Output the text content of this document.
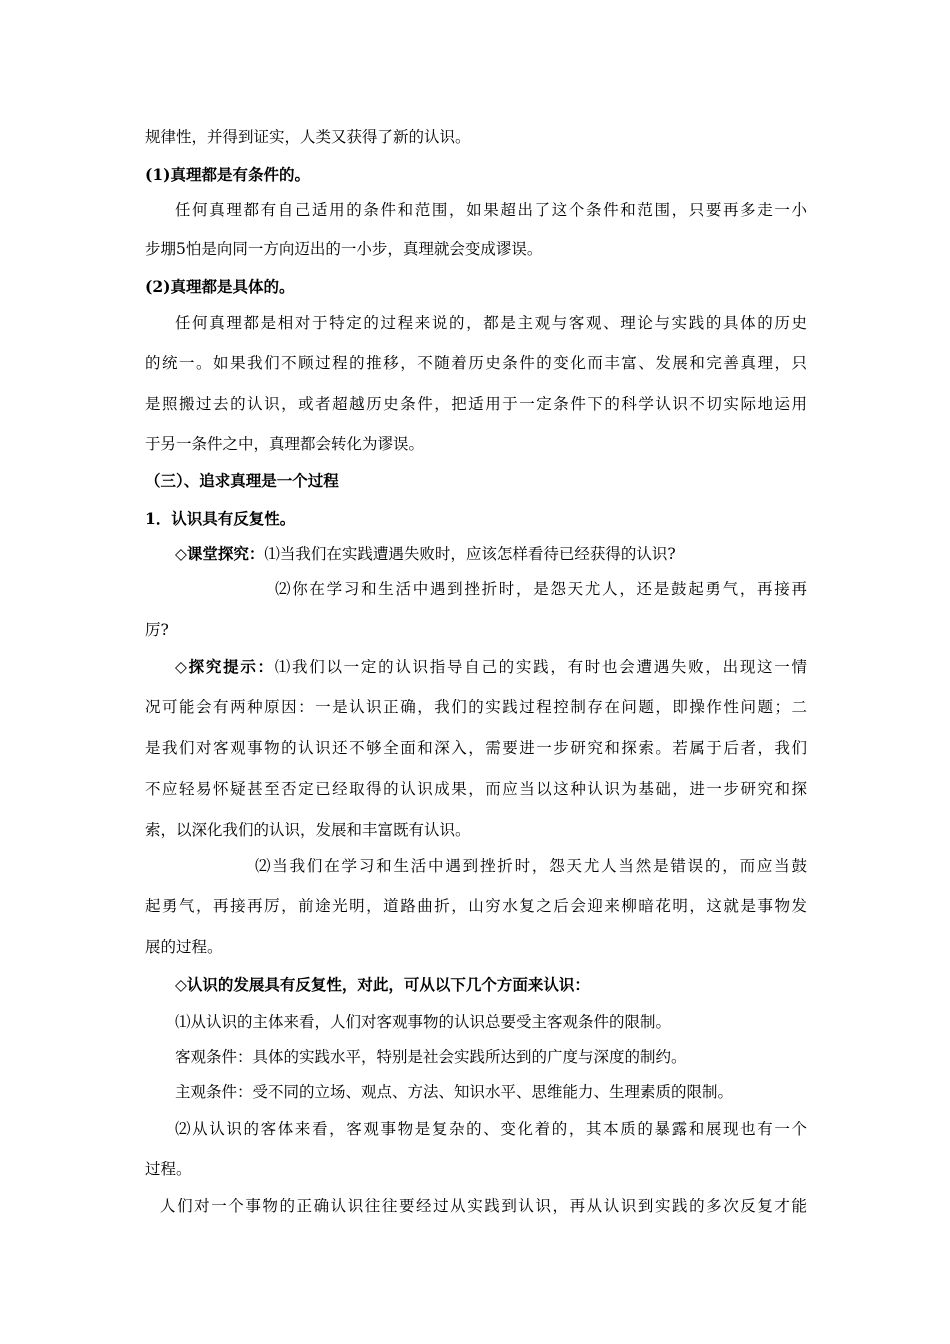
规律性，并得到证实，人类又获得了新的认识。
(1)真理都是有条件的。
任何真理都有自己适用的条件和范围，如果超出了这个条件和范围，只要再多走一小
步堋5怕是向同一方向迈出的一小步，真理就会变成谬误。
(2)真理都是具体的。
任何真理都是相对于特定的过程来说的，都是主观与客观、理论与实践的具体的历史
的统一。如果我们不顾过程的推移，不随着历史条件的变化而丰富、发展和完善真理，只
是照搬过去的认识，或者超越历史条件，把适用于一定条件下的科学认识不切实际地运用
于另一条件之中，真理都会转化为谬误。
（三）、追求真理是一个过程
1．认识具有反复性。
◇课堂探究：⑴当我们在实践遭遇失败时，应该怎样看待已经获得的认识?
⑵你在学习和生活中遇到挫折时，是怨天尤人，还是鼓起勇气，再接再
厉?
◇探究提示：⑴我们以一定的认识指导自己的实践，有时也会遭遇失败，出现这一情
况可能会有两种原因：一是认识正确，我们的实践过程控制存在问题，即操作性问题；二
是我们对客观事物的认识还不够全面和深入，需要进一步研究和探索。若属于后者，我们
不应轻易怀疑甚至否定已经取得的认识成果，而应当以这种认识为基础，进一步研究和探
索，以深化我们的认识，发展和丰富既有认识。
⑵当我们在学习和生活中遇到挫折时，怨天尤人当然是错误的，而应当鼓
起勇气，再接再厉，前途光明，道路曲折，山穷水复之后会迎来柳暗花明，这就是事物发
展的过程。
◇认识的发展具有反复性，对此，可从以下几个方面来认识：
⑴从认识的主体来看，人们对客观事物的认识总要受主客观条件的限制。
客观条件：具体的实践水平，特别是社会实践所达到的广度与深度的制约。
主观条件：受不同的立场、观点、方法、知识水平、思维能力、生理素质的限制。
⑵从认识的客体来看，客观事物是复杂的、变化着的，其本质的暴露和展现也有一个
过程。
人们对一个事物的正确认识往往要经过从实践到认识，再从认识到实践的多次反复才能
